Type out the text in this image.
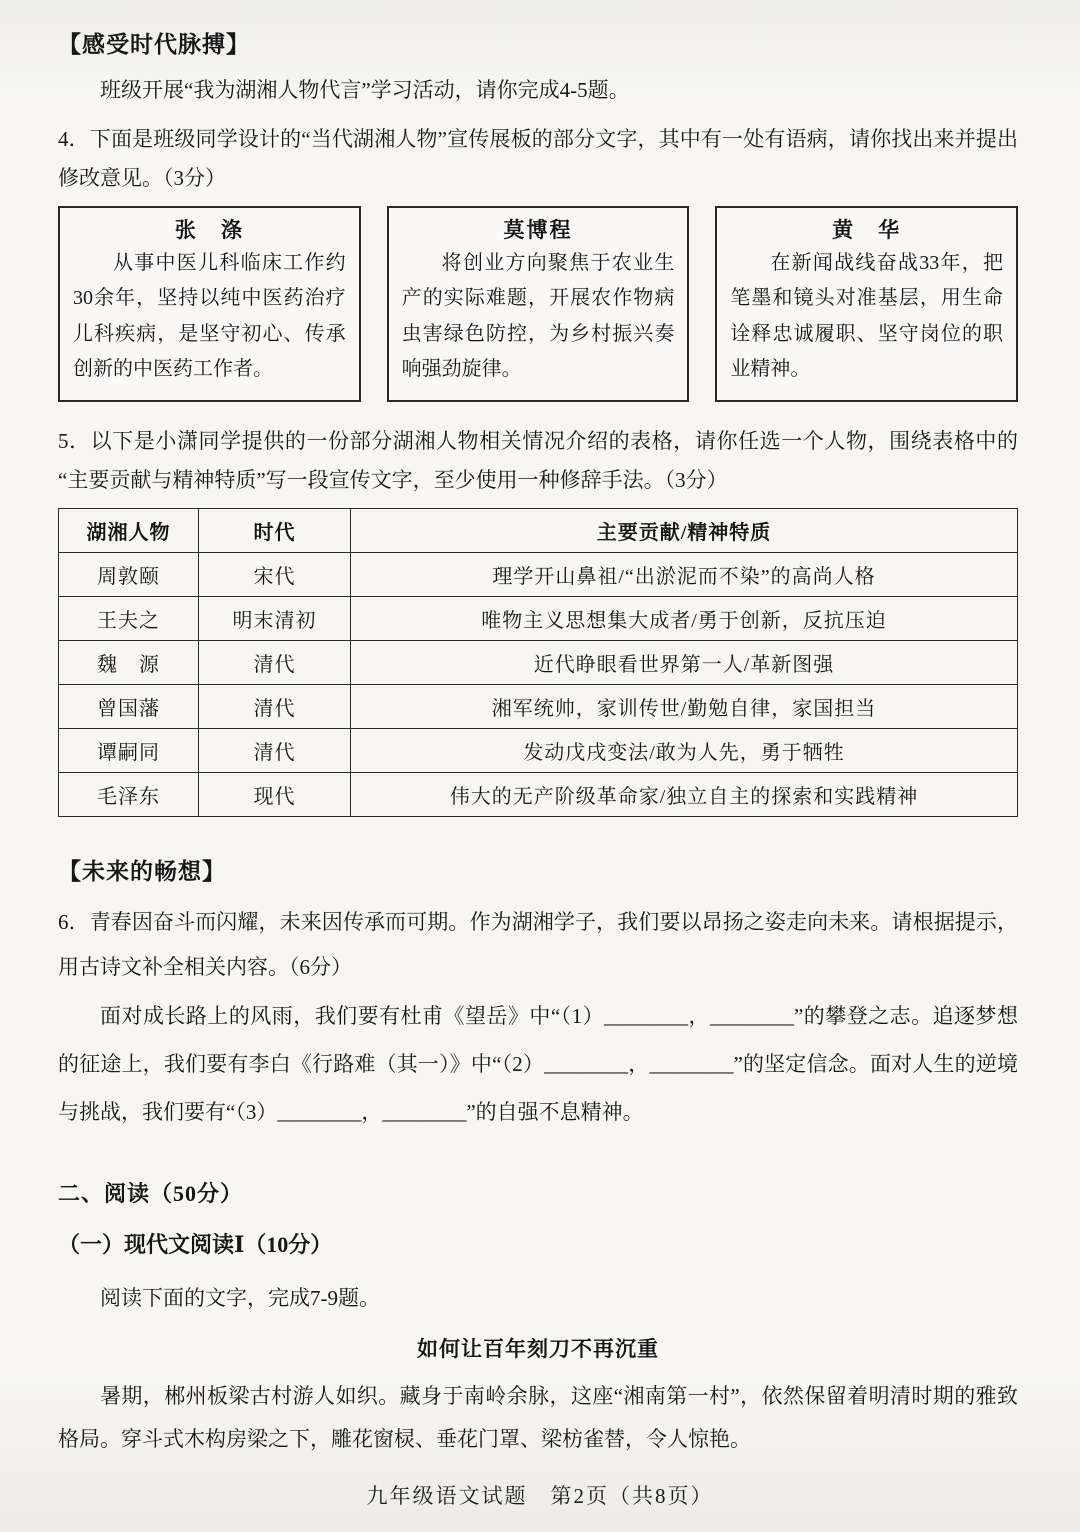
【感受时代脉搏】

班级开展“我为湖湘人物代言”学习活动，请你完成4-5题。

4．下面是班级同学设计的“当代湖湘人物”宣传展板的部分文字，其中有一处有语病，请你找出来并提出修改意见。（3分）

张　涤
从事中医儿科临床工作约30余年，坚持以纯中医药治疗儿科疾病，是坚守初心、传承创新的中医药工作者。
莫博程
将创业方向聚焦于农业生产的实际难题，开展农作物病虫害绿色防控，为乡村振兴奏响强劲旋律。
黄　华
在新闻战线奋战33年，把笔墨和镜头对准基层，用生命诠释忠诚履职、坚守岗位的职业精神。

5．以下是小潇同学提供的一份部分湖湘人物相关情况介绍的表格，请你任选一个人物，围绕表格中的“主要贡献与精神特质”写一段宣传文字，至少使用一种修辞手法。（3分）

湖湘人物	时代	主要贡献/精神特质
周敦颐	宋代	理学开山鼻祖/“出淤泥而不染”的高尚人格
王夫之	明末清初	唯物主义思想集大成者/勇于创新，反抗压迫
魏　源	清代	近代睁眼看世界第一人/革新图强
曾国藩	清代	湘军统帅，家训传世/勤勉自律，家国担当
谭嗣同	清代	发动戊戌变法/敢为人先，勇于牺牲
毛泽东	现代	伟大的无产阶级革命家/独立自主的探索和实践精神
【未来的畅想】

6．青春因奋斗而闪耀，未来因传承而可期。作为湖湘学子，我们要以昂扬之姿走向未来。请根据提示，用古诗文补全相关内容。（6分）

面对成长路上的风雨，我们要有杜甫《望岳》中“（1）________，________”的攀登之志。追逐梦想的征途上，我们要有李白《行路难（其一）》中“（2）________，________”的坚定信念。面对人生的逆境与挑战，我们要有“（3）________，________”的自强不息精神。

二、阅读（50分）
（一）现代文阅读Ⅰ（10分）

阅读下面的文字，完成7-9题。

如何让百年刻刀不再沉重

暑期，郴州板梁古村游人如织。藏身于南岭余脉，这座“湘南第一村”，依然保留着明清时期的雅致格局。穿斗式木构房梁之下，雕花窗棂、垂花门罩、梁枋雀替，令人惊艳。

九年级语文试题　第2页（共8页）
